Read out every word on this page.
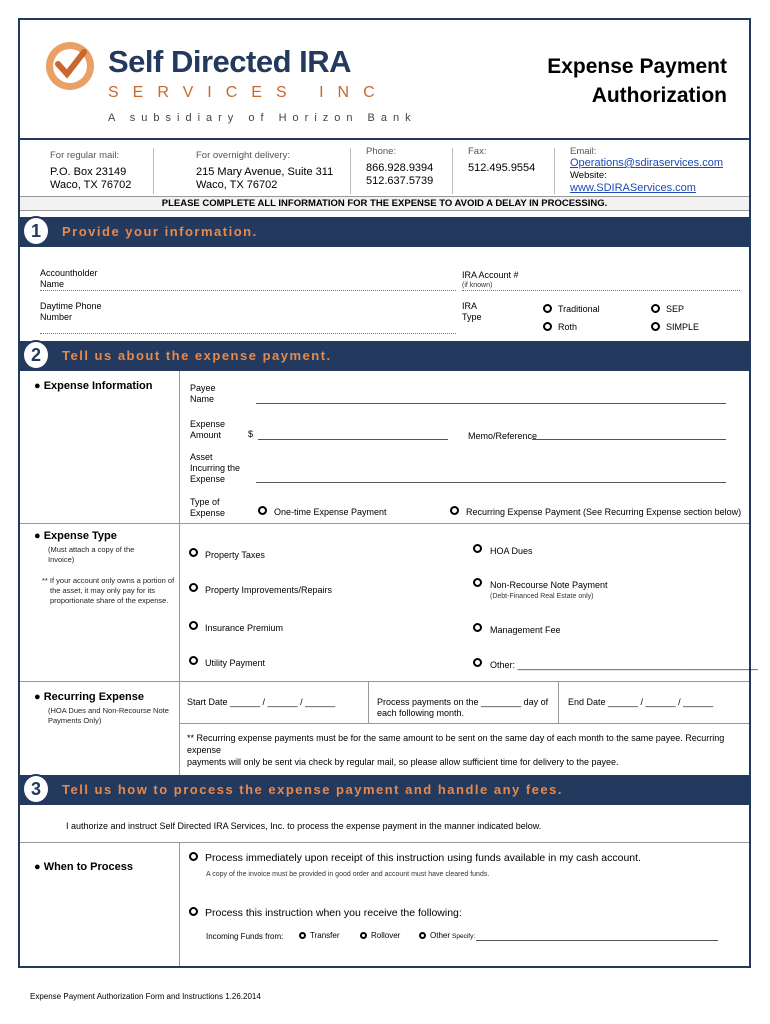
Self Directed IRA
SERVICES INC
A subsidiary of Horizon Bank
Expense Payment
Authorization
For regular mail:
P.O. Box 23149
Waco, TX 76702
For overnight delivery:
215 Mary Avenue, Suite 311
Waco, TX 76702
Phone:
866.928.9394
512.637.5739
Fax:
512.495.9554
Email:
Operations@sdiraservices.com
Website:
www.SDIRAServices.com
PLEASE COMPLETE ALL INFORMATION FOR THE EXPENSE TO AVOID A DELAY IN PROCESSING.
1	Provide your information.
Accountholder
Name
IRA Account #
(if known)
Daytime Phone
Number
IRA
Type
Traditional	SEP
Roth	SIMPLE
2	Tell us about the expense payment.
● Expense Information	Payee
Name
Expense
Amount	$	Memo/Reference
Asset
Incurring the
Expense
Type of
Expense	One-time Expense Payment	Recurring Expense Payment (See Recurring Expense section below)
● Expense Type
(Must attach a copy of the
Invoice)
** If your account only owns a portion of
the asset, it may only pay for its
proportionate share of the expense.
Property Taxes	HOA Dues
Property Improvements/Repairs	Non-Recourse Note Payment
(Debt-Financed Real Estate only)
Insurance Premium	Management Fee
Utility Payment	Other: ________________________________________________
● Recurring Expense
(HOA Dues and Non-Recourse Note
Payments Only)
Start Date ______ / ______ / ______	Process payments on the ________ day of
each following month.
End Date ______ / ______ / ______
** Recurring expense payments must be for the same amount to be sent on the same day of each month to the same payee. Recurring expense
payments will only be sent via check by regular mail, so please allow sufficient time for delivery to the payee.
3	Tell us how to process the expense payment and handle any fees.
I authorize and instruct Self Directed IRA Services, Inc. to process the expense payment in the manner indicated below.
● When to Process
Process immediately upon receipt of this instruction using funds available in my cash account.
A copy of the invoice must be provided in good order and account must have cleared funds.
Process this instruction when you receive the following:
Incoming Funds from:	Transfer	Rollover	Other Specify:
Expense Payment Authorization Form and Instructions 1.26.2014
